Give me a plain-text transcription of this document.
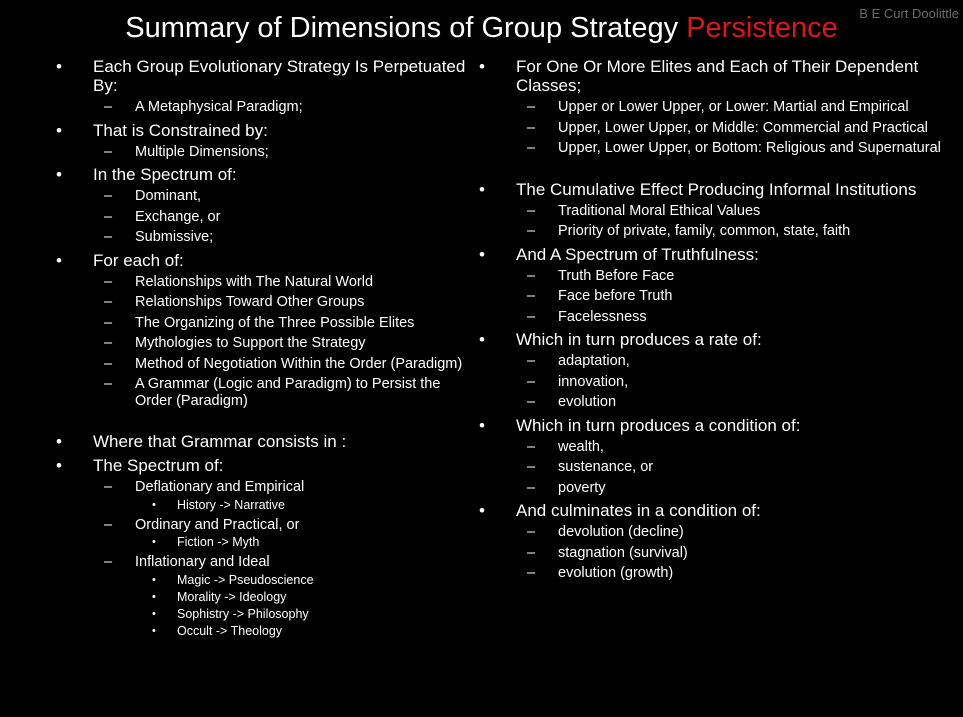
Summary of Dimensions of Group Strategy Persistence	B E Curt Doolittle
• Each Group Evolutionary Strategy Is Perpetuated By:
– A Metaphysical Paradigm;
• That is Constrained by:
– Multiple Dimensions;
• In the Spectrum of:
– Dominant,
– Exchange, or
– Submissive;
• For each of:
– Relationships with The Natural World
– Relationships Toward Other Groups
– The Organizing of the Three Possible Elites
– Mythologies to Support the Strategy
– Method of Negotiation Within the Order (Paradigm)
– A Grammar (Logic and Paradigm) to Persist the Order (Paradigm)
• Where that Grammar consists in :
• The Spectrum of:
– Deflationary and Empirical
• History -> Narrative
– Ordinary and Practical, or
• Fiction -> Myth
– Inflationary and Ideal
• Magic -> Pseudoscience
• Morality -> Ideology
• Sophistry -> Philosophy
• Occult -> Theology
• For One Or More Elites and Each of Their Dependent Classes;
– Upper or Lower Upper, or Lower: Martial and Empirical
– Upper, Lower Upper, or Middle: Commercial and Practical
– Upper, Lower Upper, or Bottom: Religious and Supernatural
• The Cumulative Effect Producing Informal Institutions
– Traditional Moral Ethical Values
– Priority of private, family, common, state, faith
• And A Spectrum of Truthfulness:
– Truth Before Face
– Face before Truth
– Facelessness
• Which in turn produces a rate of:
– adaptation,
– innovation,
– evolution
• Which in turn produces a condition of:
– wealth,
– sustenance, or
– poverty
• And culminates in a condition of:
– devolution (decline)
– stagnation (survival)
– evolution (growth)
